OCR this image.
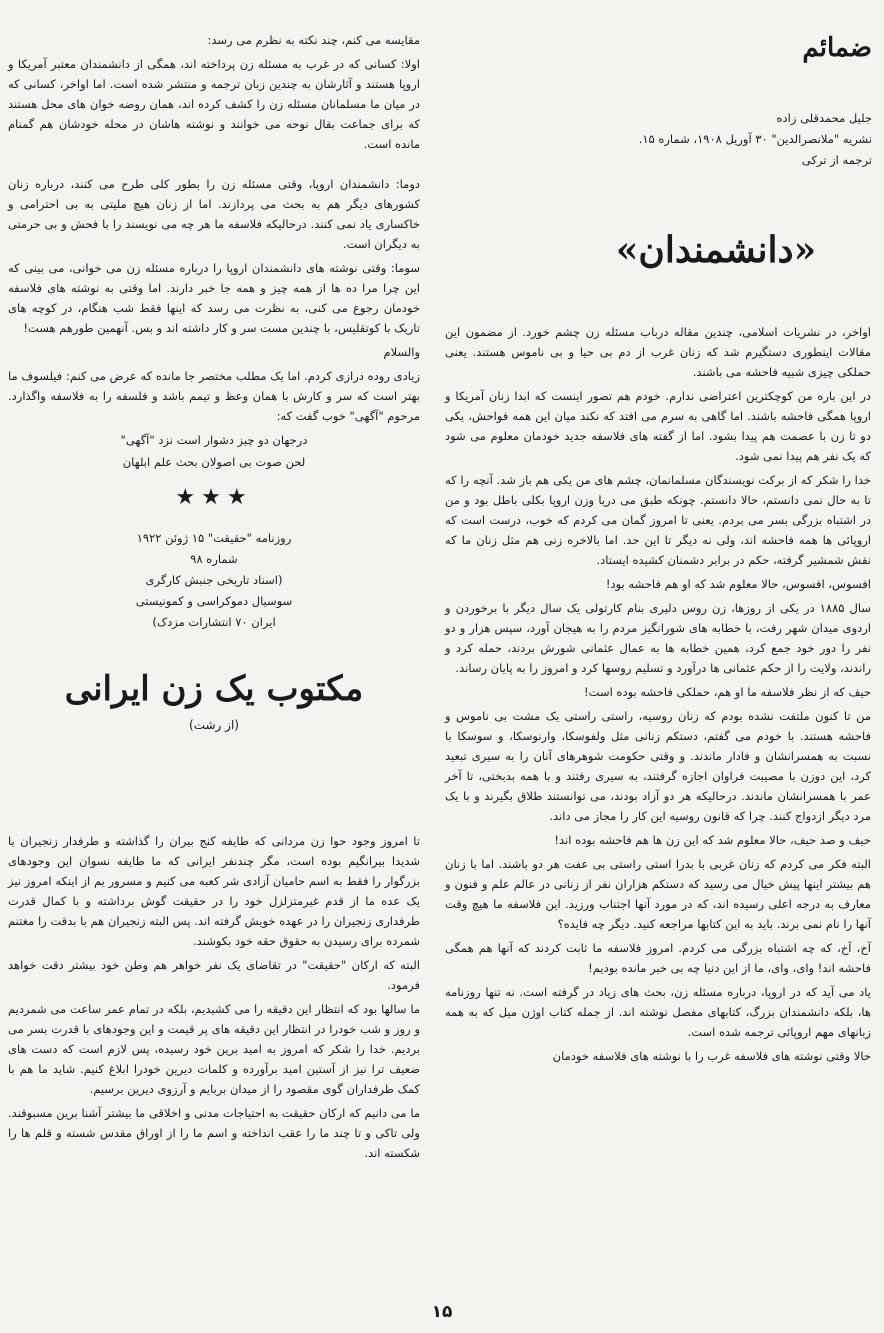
ضمائم

جلیل محمدقلی زاده

نشریه "ملانصرالدین" ۳۰ آوریل ۱۹۰۸، شماره ۱۵.

ترجمه از ترکی

«دانشمندان»

اواخر، در نشریات اسلامی، چندین مقاله درباب مسئله زن چشم خورد. از مضمون این مقالات اینطوری دستگیرم شد که زنان غرب از دم بی حیا و بی ناموس هستند. یعنی حملکی چیزی شبیه فاحشه می باشند.

در این باره من کوچکترین اعتراضی ندارم. خودم هم تصور اینست که ابدا زنان آمریکا و اروپا همگی فاحشه باشند. اما گاهی به سرم می افتد که نکند میان این همه فواحش، یکی دو تا زن با عصمت هم پیدا بشود. اما از گفته های فلاسفه جدید خودمان معلوم می شود که یک نفر هم پیدا نمی شود.

خدا را شکر که از برکت نویسندگان مسلمانمان، چشم های من یکی هم باز شد. آنچه را که تا به حال نمی دانستم، حالا دانستم. چونکه طبق می دریا وزن اروپا بکلی باطل بود و من در اشتباه بزرگی بسر می بردم. یعنی تا امروز گمان می کردم که خوب، درست است که اروپائی ها همه فاحشه اند، ولی نه دیگر تا این حد. اما بالاخره زنی هم مثل زنان ما که نقش شمشیر گرفته، حکم در برابر دشمنان کشیده ایستاد.

افسوس، افسوس، حالا معلوم شد که او هم فاحشه بود!

سال ۱۸۸۵ در یکی از روزها، زن روس دلیری بنام کارتولی یک سال دیگر با برخوردن و اردوی میدان شهر رفت، با خطابه های شورانگیز مردم را به هیجان آورد، سپس هزار و دو نفر را دور خود جمع کرد، همین خطابه ها به عمال عثمانی شورش بردند، حمله کرد و راندند، ولایت را از حکم عثمانی ها درآورد و تسلیم روسها کرد و امروز را به پایان رساند.

حیف که از نظر فلاسفه ما او هم، حملکی فاحشه بوده است!

من تا کنون ملتفت نشده بودم که زنان روسیه، راستی راستی یک مشت بی ناموس و فاحشه هستند. با خودم می گفتم، دستکم زنانی مثل ولفوسکا، وارنوسکا، و سوسکا با نسبت به همسرانشان و فادار ماندند. و وقتی حکومت شوهرهای آنان را به سیری تبعید کرد، این دوزن با مصیبت فراوان اجازه گرفتند، به سیری رفتند و با همه بدبختی، تا آخر عمر با همسرانشان ماندند. درحالیکه هر دو آزاد بودند، می توانستند طلاق بگیرند و با یک مرد دیگر ازدواج کنند. چرا که قانون روسیه این کار را مجاز می داند.

حیف و صد حیف، حالا معلوم شد که این زن ها هم فاحشه بوده اند!

البته فکر می کردم که زنان غربی با بدرا استی راستی بی عفت هر دو باشند. اما با زنان هم بیشتر اینها پیش خیال می رسید که دستکم هزاران نفر از زنانی در عالم علم و فنون و معارف به درجه اعلی رسیده اند، که در مورد آنها اجتناب ورزید. این فلاسفه ما هیچ وقت آنها را نام نمی برند. باید به این کتابها مراجعه کنید. دیگر چه فایده؟

آخ، آخ، که چه اشتباه بزرگی می کردم. امروز فلاسفه ما ثابت کردند که آنها هم همگی فاحشه اند! وای، وای، ما از این دنیا چه بی خبر مانده بودیم!

یاد می آید که در اروپا، درباره مسئله زن، بحث های زیاد در گرفته است. نه تنها روزنامه ها، بلکه دانشمندان بزرگ، کتابهای مفصل نوشته اند. از جمله کتاب اوژن میل که به همه زبانهای مهم اروپائی ترجمه شده است.

حالا وقتی نوشته های فلاسفه غرب را با نوشته های فلاسفه خودمان

مقایسه می کنم، چند نکته به نظرم می رسد:

اولا: کسانی که در غرب به مسئله زن پرداخته اند، همگی از دانشمندان معتبر آمریکا و اروپا هستند و آثارشان به چندین زبان ترجمه و منتشر شده است. اما اواخر، کسانی که در میان ما مسلمانان مسئله زن را کشف کرده اند، همان روضه خوان های محل هستند که برای جماعت بقال نوحه می خوانند و نوشته هاشان در محله خودشان هم گمنام مانده است.

دوما: دانشمندان اروپا، وقتی مسئله زن را بطور کلی طرح می کنند، درباره زنان کشورهای دیگر هم به بحث می پردازند. اما از زنان هیچ ملیتی به بی احترامی و خاکساری یاد نمی کنند. درحالیکه فلاسفه ما هر چه می نویسند را با فحش و بی حرمتی به دیگران است.

سوما: وقتی نوشته های دانشمندان اروپا را درباره مسئله زن می خوانی، می بینی که این چرا مرا ده ها از همه چیز و همه جا خبر دارند. اما وقتی به نوشته های فلاسفه خودمان رجوع می کنی، به نظرت می رسد که اینها فقط شب هنگام، در کوچه های تاریک با کوتقلیس، با چندین مست سر و کار داشته اند و بس. آنهمین طورهم هست!

والسلام

زیادی روده درازی کردم. اما یک مطلب مختصر جا مانده که عرض می کنم: فیلسوف ما بهتر است که سر و کارش با همان وعظ و تیمم باشد و فلسفه را به فلاسفه واگذارد. مرحوم "آگهی" خوب گفت که:

درجهان دو چیز دشوار است نزد "آگهی"
لحن صوت بی اصولان بحث علم ابلهان
★★★
روزنامه "حقیقت" ۱۵ ژوئن ۱۹۲۲
شماره ۹۸
(اسناد تاریخی جنبش کارگری
سوسیال دموکراسی و کمونیستی
ایران ۷۰ انتشارات مزدک)
مکتوب یک زن ایرانی
(از رشت)

تا امروز وجود حوا زن مردانی که طایفه کنج بیران را گذاشته و طرفدار زنجیران با شدیدا بیرانگیم بوده است، مگر چندنفر ایرانی که ما طایفه نسوان این وجودهای بزرگوار را فقط به اسم حامیان آزادی شر کعبه می کنیم و مسرور یم از اینکه امروز نیز یک عده ما از قدم غیرمتزلزل خود را در حقیقت گوش برداشته و با کمال قدرت طرفداری زنجیران را در عهده خویش گرفته اند. پس البته زنجیران هم با بدقت را مغتنم شمرده برای رسیدن به حقوق حقه خود بکوشند.

البته که ارکان "حقیقت" در تقاضای یک نفر خواهر هم وطن خود بیشتر دقت خواهد فرمود.

ما سالها بود که انتظار این دقیقه را می کشیدیم، بلکه در تمام عمر ساعت می شمردیم و روز و شب خودرا در انتظار این دقیقه های پر قیمت و این وجودهای با قدرت بسر می بردیم. خدا را شکر که امروز به امید برین خود رسیده، پس لازم است که دست های ضعیف ترا نیز از آستین امید برآورده و کلمات دیرین خودرا ابلاغ کنیم. شاید ما هم با کمک طرفداران گوی مقصود را از میدان بربایم و آرزوی دیرین برسیم.

ما می دانیم که ارکان حقیقت به احتیاجات مدنی و اخلاقی ما بیشتر آشنا برین مسبوقند. ولی تاکی و تا چند ما را عقب انداخته و اسم ما را از اوراق مقدس شسته و قلم ها را شکسته اند.

۱۵
